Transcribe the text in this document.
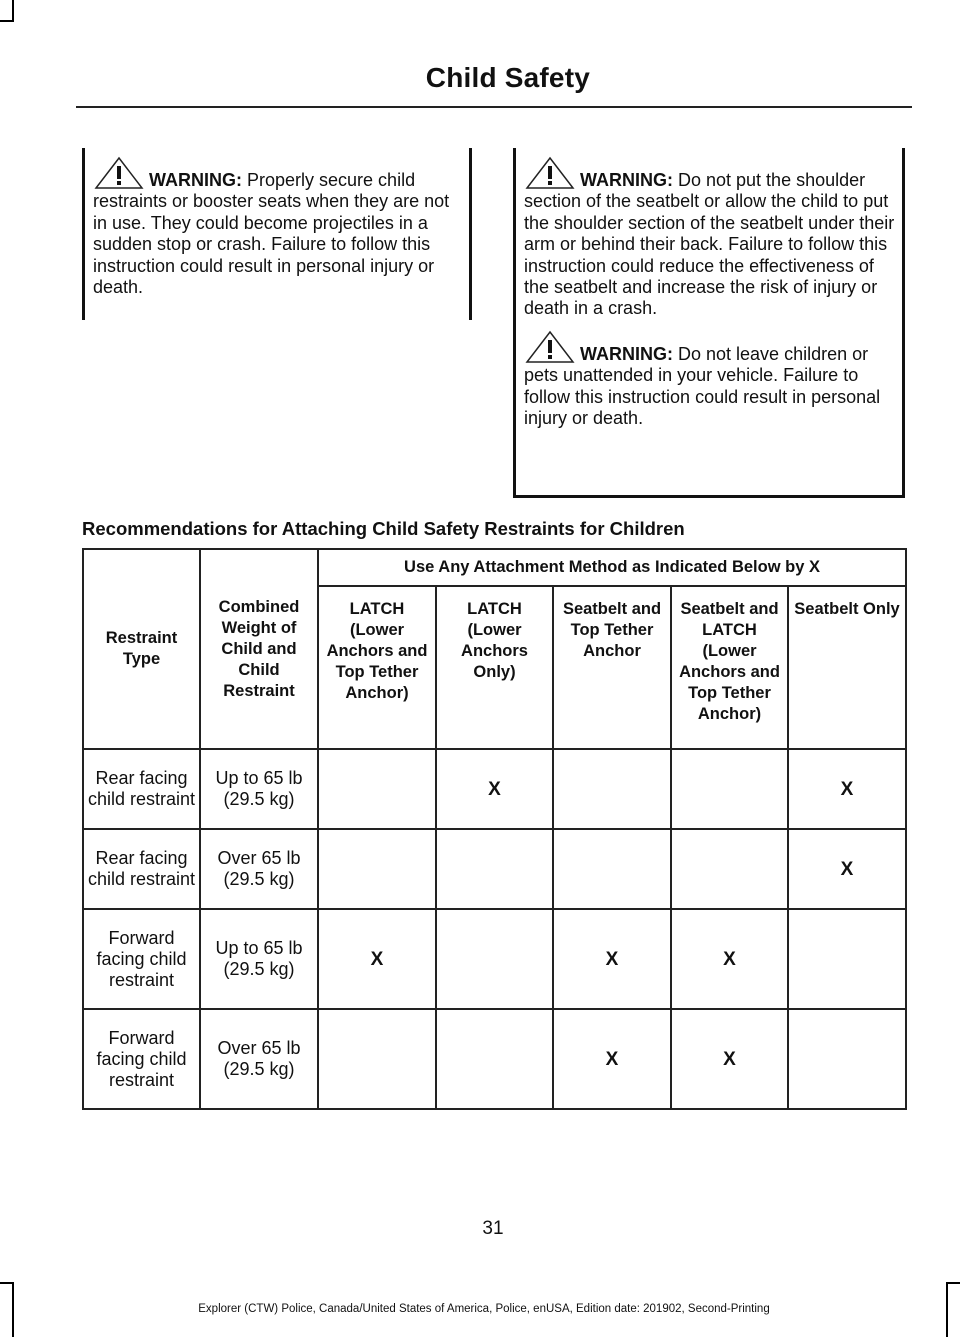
Child Safety
WARNING: Properly secure child restraints or booster seats when they are not in use. They could become projectiles in a sudden stop or crash. Failure to follow this instruction could result in personal injury or death.
WARNING: Do not put the shoulder section of the seatbelt or allow the child to put the shoulder section of the seatbelt under their arm or behind their back. Failure to follow this instruction could reduce the effectiveness of the seatbelt and increase the risk of injury or death in a crash.
WARNING: Do not leave children or pets unattended in your vehicle. Failure to follow this instruction could result in personal injury or death.
Recommendations for Attaching Child Safety Restraints for Children
Restraint Type	Combined Weight of Child and Child Restraint	Use Any Attachment Method as Indicated Below by X				
		LATCH (Lower Anchors and Top Tether Anchor)	LATCH (Lower Anchors Only)	Seatbelt and Top Tether Anchor	Seatbelt and LATCH (Lower Anchors and Top Tether Anchor)	Seatbelt Only
Rear facing child restraint	Up to 65 lb (29.5 kg)		X			X
Rear facing child restraint	Over 65 lb (29.5 kg)					X
Forward facing child restraint	Up to 65 lb (29.5 kg)	X		X	X	
Forward facing child restraint	Over 65 lb (29.5 kg)			X	X	
31
Explorer (CTW) Police, Canada/United States of America, Police, enUSA, Edition date: 201902, Second-Printing
